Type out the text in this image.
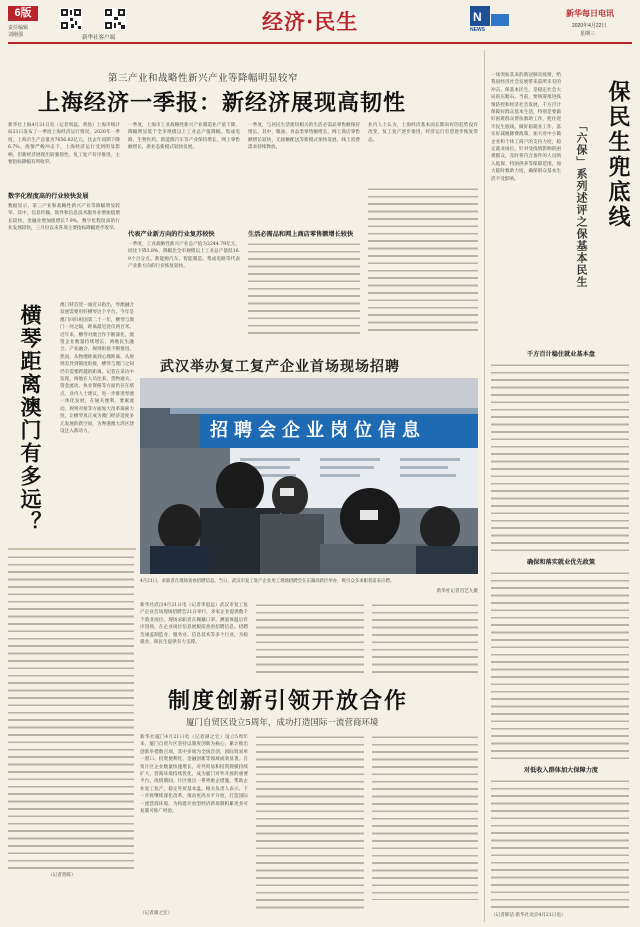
6版
责任编辑
刘刚强	新华社客户端
经济·民生	N
NEWS
新华每日电讯
2020年4月22日
星期三
第三产业和战略性新兴产业等降幅明显较窄
上海经济一季报：新经济展现高韧性
新华社上海4月21日电（记者周蕊、黄扬）上海市统计局21日发布了一季度上海经济运行情况，2020年一季度，上海市生产总值为7856.82亿元，比去年同期下降6.7%。疫情严峻冲击下，上海经济运行受到明显影响，但新经济展现出较强韧性，复工复产有序推进，主要指标降幅有所收窄。
数字化程度高的行业较快发展
数据显示，第三产业和战略性新兴产业等降幅明显较窄。其中，信息传输、软件和信息技术服务业增加值增长较快，金融业增加值增长7.9%，数字化程度高的行业发展较快，三月份以来各项主要指标降幅逐步收窄。
一季度，上海市工业战略性新兴产业制造业产值下降，降幅明显低于全市规模以上工业总产值降幅。集成电路、生物医药、新能源汽车等产业保持增长，网上零售额增长，新业态新模式较快发展。
代表产业新方向的行业复苏较快
一季度，工业战略性新兴产业总产值为2244.79亿元，同比下降3.8%，降幅比全市规模以上工业总产值低16.9个百分点。新能源汽车、智能制造、集成电路等代表产业新方向的行业恢复较快。
一季度，与居民生活密切相关的生活必需品零售额保持增长。其中，粮油、食品类零售额增长，网上商店零售额增长较快，无接触配送等新模式加快发展，线上消费需求持续释放。
生活必需品和网上商店零售额增长较快
业内人士认为，上海经济基本面长期向好的趋势没有改变，复工复产逐步推进，经济运行有望逐步恢复常态。
横琴距离澳门有多远？	澳门特首贺一诚近日指出，琴澳融合发展需要用好横琴这个平台。今年是澳门回归祖国第二十一年，横琴与澳门一河之隔，距离最近处仅两百米。近年来，横琴对澳合作不断深化，澳资企业数量持续增长，两地民生融合、产业融合、规则衔接不断推进。然而，从物理距离到心理距离、从规则差异到制度衔接，横琴与澳门之间仍有需要跨越的距离。记者在采访中发现，两地在人员往来、货物通关、资金流动、执业资格等方面仍存在堵点。业内人士建议，进一步推进琴澳一体化发展，在通关便利、要素流动、规则对接等方面加大改革探索力度，让横琴真正成为澳门经济适度多元发展的新空间，为粤港澳大湾区建设注入新动力。
（记者曾晖）
武汉举办复工复产企业首场现场招聘
招聘会企业岗位信息
4月21日，求职者在现场查看招聘信息。当日，武汉市复工复产企业用工现场招聘会在东湖高新区举办，吸引众多求职者前来应聘。
新华社记者肖艺九摄
新华社武汉4月21日电（记者李思远）武汉市复工复产企业首场现场招聘会21日举行，多家企业提供数千个就业岗位。现场求职者在佩戴口罩、测量体温后有序进场，在企业岗位信息展板前查看招聘信息。招聘会涵盖制造业、服务业、信息技术等多个行业，为稳就业、保民生提供有力支撑。
制度创新引领开放合作
厦门自贸区设立5周年，成功打造国际一流营商环境
新华社厦门4月21日电（记者颜之宏）设立5周年来，厦门自贸片区坚持以制度创新为核心，累计推出创新举措数百项，其中多项为全国首创，国际贸易单一窗口、投资便利化、金融创新等领域成效显著。自贸片区企业数量快速增长，对外贸易和投资规模持续扩大，营商环境持续优化，成为厦门对外开放的重要平台。疫情期间，片区推出一系列惠企措施，帮助企业复工复产，稳定外贸基本盘。相关负责人表示，下一步将继续深化改革，推动更高水平开放，打造国际一流营商环境，为构建开放型经济新体制积累更多可复制可推广经验。
（记者颜之宏）
一场突如其来的新冠肺炎疫情，给我国经济社会发展带来前所未有的冲击。保基本民生，是稳定社会大局的压舱石。当前，要统筹推进疫情防控和经济社会发展，千方百计保障好群众基本生活，特别是要做好困难群众帮扶救助工作，兜住兜牢民生底线。做好稳就业工作，落实好减税降费政策，加大对中小微企业和个体工商户的支持力度，稳定就业岗位。针对受疫情影响的困难群众，及时将符合条件的人员纳入低保、特困供养等保障范围，加大临时救助力度，确保群众基本生活不受影响。	保民生兜底线
「六保」系列述评之保基本民生
千方百计稳住就业基本盘
确保和落实就业优先政策
对低收入群体加大保障力度
（记者韩洁 新华社北京4月21日电）
